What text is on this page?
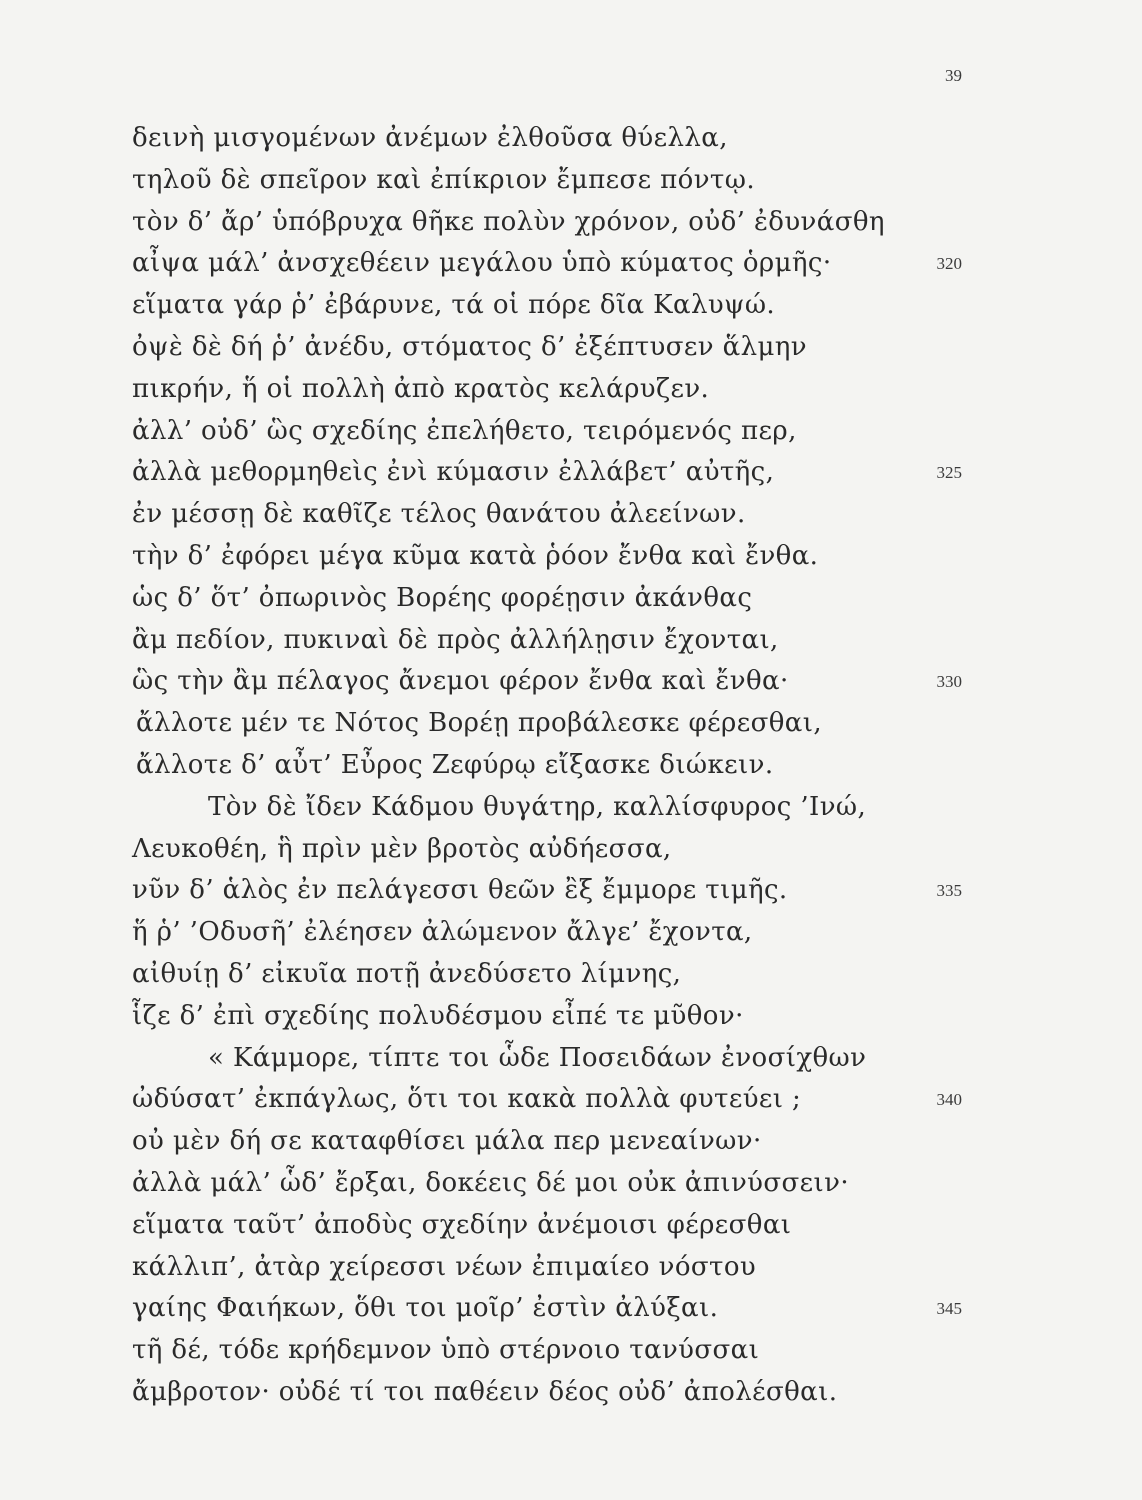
39
δεινὴ μισγομένων ἀνέμων ἐλθοῦσα θύελλα,
τηλοῦ δὲ σπεῖρον καὶ ἐπίκριον ἔμπεσε πόντῳ.
τὸν δ’ ἄρ’ ὑπόβρυχα θῆκε πολὺν χρόνον, οὐδ’ ἐδυνάσθη
αἶψα μάλ’ ἀνσχεθέειν μεγάλου ὑπὸ κύματος ὁρμῆς·	320
εἵματα γάρ ῥ’ ἐβάρυνε, τά οἱ πόρε δῖα Καλυψώ.
ὀψὲ δὲ δή ῥ’ ἀνέδυ, στόματος δ’ ἐξέπτυσεν ἅλμην
πικρήν, ἥ οἱ πολλὴ ἀπὸ κρατὸς κελάρυζεν.
ἀλλ’ οὐδ’ ὣς σχεδίης ἐπελήθετο, τειρόμενός περ,
ἀλλὰ μεθορμηθεὶς ἐνὶ κύμασιν ἐλλάβετ’ αὐτῆς,	325
ἐν μέσσῃ δὲ καθῖζε τέλος θανάτου ἀλεείνων.
τὴν δ’ ἐφόρει μέγα κῦμα κατὰ ῥόον ἔνθα καὶ ἔνθα.
ὡς δ’ ὅτ’ ὀπωρινὸς Βορέης φορέῃσιν ἀκάνθας
ἂμ πεδίον, πυκιναὶ δὲ πρὸς ἀλλήλῃσιν ἔχονται,
ὣς τὴν ἂμ πέλαγος ἄνεμοι φέρον ἔνθα καὶ ἔνθα·	330
ἄλλοτε μέν τε Νότος Βορέῃ προβάλεσκε φέρεσθαι,
ἄλλοτε δ’ αὖτ’ Εὖρος Ζεφύρῳ εἴξασκε διώκειν.
Τὸν δὲ ἴδεν Κάδμου θυγάτηρ, καλλίσφυρος ’Ινώ,
Λευκοθέη, ἣ πρὶν μὲν βροτὸς αὐδήεσσα,
νῦν δ’ ἁλὸς ἐν πελάγεσσι θεῶν ἒξ ἔμμορε τιμῆς.	335
ἥ ῥ’ ’Οδυσῆ’ ἐλέησεν ἀλώμενον ἄλγε’ ἔχοντα,
αἰθυίῃ δ’ εἰκυῖα ποτῇ ἀνεδύσετο λίμνης,
ἷζε δ’ ἐπὶ σχεδίης πολυδέσμου εἶπέ τε μῦθον·
« Κάμμορε, τίπτε τοι ὧδε Ποσειδάων ἐνοσίχθων
ὠδύσατ’ ἐκπάγλως, ὅτι τοι κακὰ πολλὰ φυτεύει ;	340
οὐ μὲν δή σε καταφθίσει μάλα περ μενεαίνων·
ἀλλὰ μάλ’ ὧδ’ ἔρξαι, δοκέεις δέ μοι οὐκ ἀπινύσσειν·
εἵματα ταῦτ’ ἀποδὺς σχεδίην ἀνέμοισι φέρεσθαι
κάλλιπ’, ἀτὰρ χείρεσσι νέων ἐπιμαίεο νόστου
γαίης Φαιήκων, ὅθι τοι μοῖρ’ ἐστὶν ἀλύξαι.	345
τῆ δέ, τόδε κρήδεμνον ὑπὸ στέρνοιο τανύσσαι
ἄμβροτον· οὐδέ τί τοι παθέειν δέος οὐδ’ ἀπολέσθαι.
